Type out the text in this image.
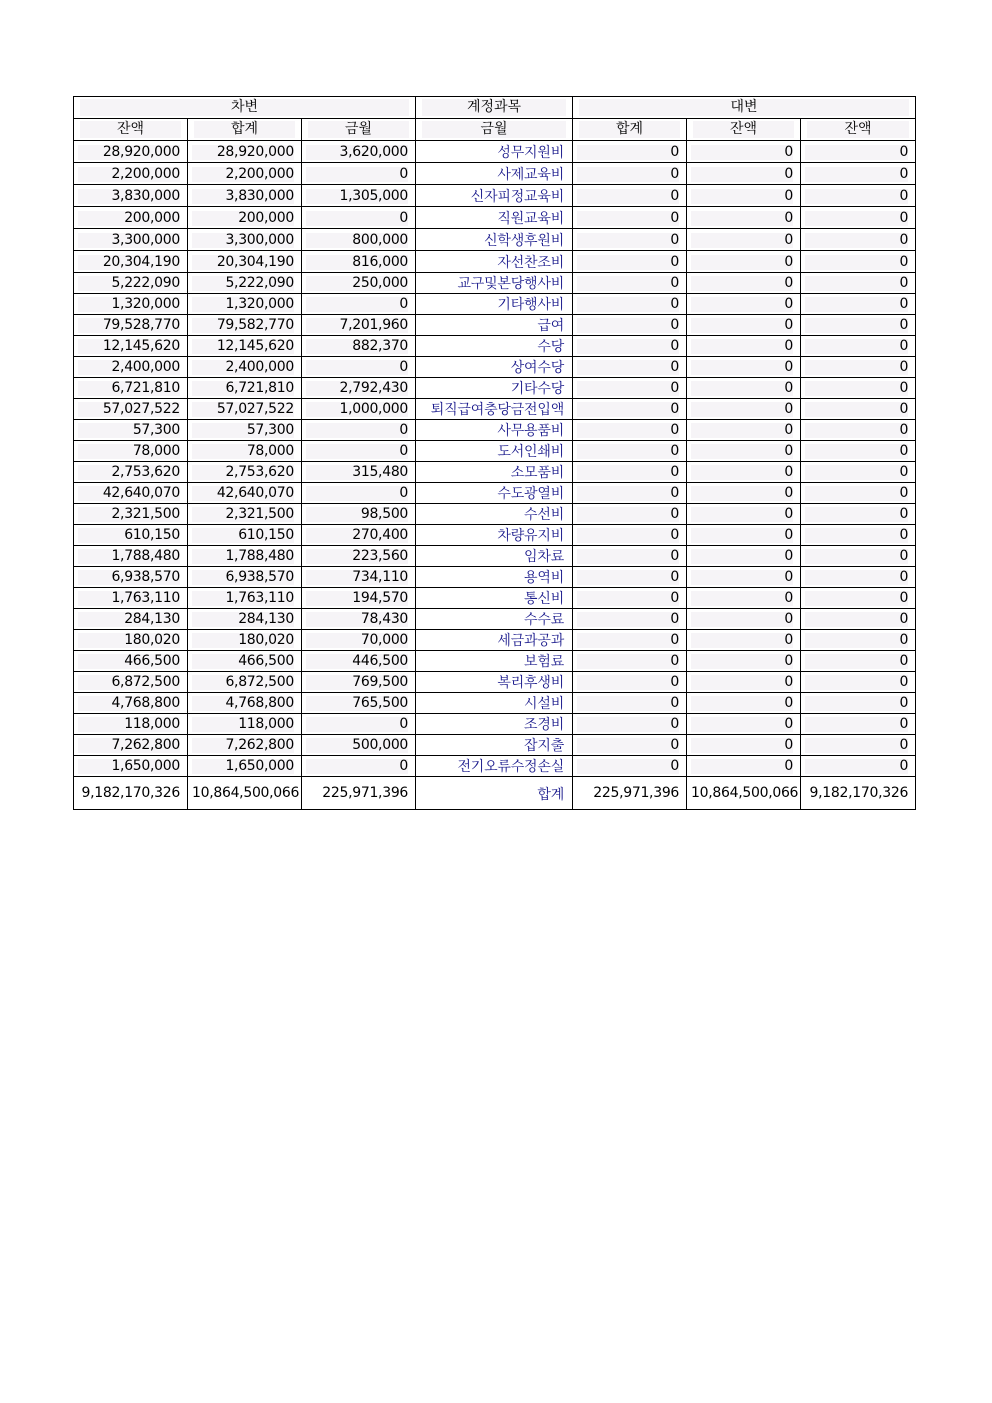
차변			계정과목	대변		

잔액	합계	금월	금월	합계	잔액	잔액

28,920,000	28,920,000	3,620,000	성무지원비	0	0	0

2,200,000	2,200,000	0	사제교육비	0	0	0

3,830,000	3,830,000	1,305,000	신자피정교육비	0	0	0

200,000	200,000	0	직원교육비	0	0	0

3,300,000	3,300,000	800,000	신학생후원비	0	0	0

20,304,190	20,304,190	816,000	자선찬조비	0	0	0

5,222,090	5,222,090	250,000	교구및본당행사비	0	0	0

1,320,000	1,320,000	0	기타행사비	0	0	0

79,528,770	79,582,770	7,201,960	급여	0	0	0

12,145,620	12,145,620	882,370	수당	0	0	0

2,400,000	2,400,000	0	상여수당	0	0	0

6,721,810	6,721,810	2,792,430	기타수당	0	0	0

57,027,522	57,027,522	1,000,000	퇴직급여충당금전입액	0	0	0

57,300	57,300	0	사무용품비	0	0	0

78,000	78,000	0	도서인쇄비	0	0	0

2,753,620	2,753,620	315,480	소모품비	0	0	0

42,640,070	42,640,070	0	수도광열비	0	0	0

2,321,500	2,321,500	98,500	수선비	0	0	0

610,150	610,150	270,400	차량유지비	0	0	0

1,788,480	1,788,480	223,560	임차료	0	0	0

6,938,570	6,938,570	734,110	용역비	0	0	0

1,763,110	1,763,110	194,570	통신비	0	0	0

284,130	284,130	78,430	수수료	0	0	0

180,020	180,020	70,000	세금과공과	0	0	0

466,500	466,500	446,500	보험료	0	0	0

6,872,500	6,872,500	769,500	복리후생비	0	0	0

4,768,800	4,768,800	765,500	시설비	0	0	0

118,000	118,000	0	조경비	0	0	0

7,262,800	7,262,800	500,000	잡지출	0	0	0

1,650,000	1,650,000	0	전기오류수정손실	0	0	0

9,182,170,326	10,864,500,066	225,971,396	합계	225,971,396	10,864,500,066	9,182,170,326
